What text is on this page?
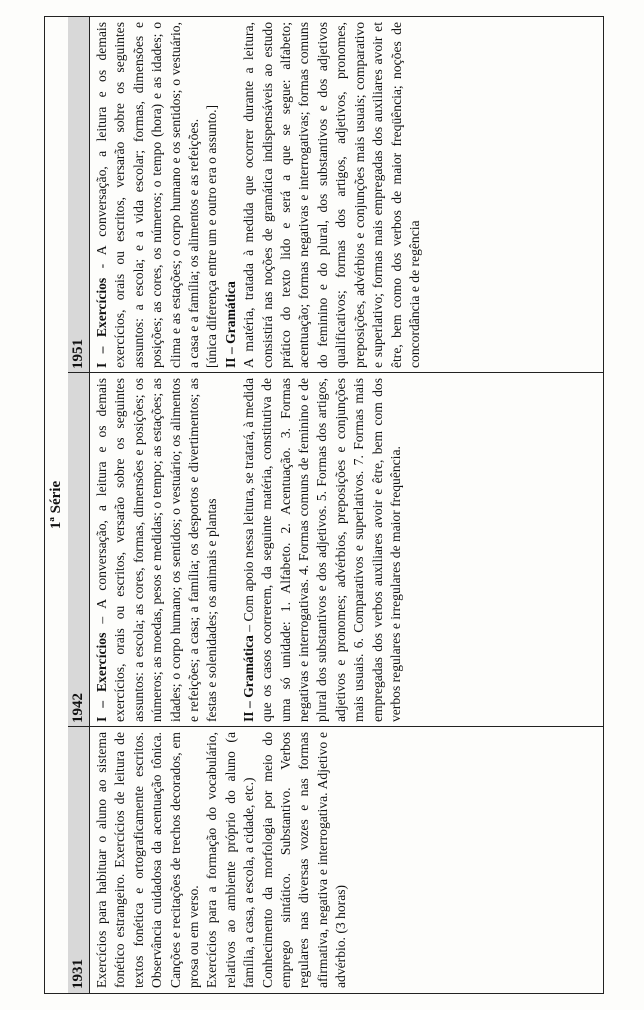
1ª Série
1931
1942
1951

Exercícios para habituar o aluno ao sistema fonético estrangeiro. Exercícios de leitura de textos fonética e ortograficamente escritos. Observância cuidadosa da acentuação tônica. Canções e recitações de trechos decorados, em prosa ou em verso. Exercícios para a formação do vocabulário, relativos ao ambiente próprio do aluno (a família, a casa, a escola, a cidade, etc.) Conhecimento da morfologia por meio do emprego sintático. Substantivo. Verbos regulares nas diversas vozes e nas formas afirmativa, negativa e interrogativa. Adjetivo e advérbio. (3 horas)

I – Exercícios – A conversação, a leitura e os demais exercícios, orais ou escritos, versarão sobre os seguintes assuntos: a escola; as cores, formas, dimensões e posições; os números; as moedas, pesos e medidas; o tempo; as estações; as idades; o corpo humano; os sentidos; o vestuário; os alimentos e refeições; a casa; a família; os desportos e divertimentos; as festas e solenidades; os animais e plantas II – Gramática – Com apoio nessa leitura, se tratará, à medida que os casos ocorrerem, da seguinte matéria, constitutiva de uma só unidade: 1. Alfabeto. 2. Acentuação. 3. Formas negativas e interrogativas. 4. Formas comuns de feminino e de plural dos substantivos e dos adjetivos. 5. Formas dos artigos, adjetivos e pronomes; advérbios, preposições e conjunções mais usuais. 6. Comparativos e superlativos. 7. Formas mais empregadas dos verbos auxiliares avoir e être, bem com dos verbos regulares e irregulares de maior frequência.

I – Exercícios - A conversação, a leitura e os demais exercícios, orais ou escritos, versarão sobre os seguintes assuntos: a escola; e a vida escolar; formas, dimensões e posições; as cores, os números; o tempo (hora) e as idades; o clima e as estações; o corpo humano e os sentidos; o vestuário, a casa e a família; os alimentos e as refeições. [única diferença entre um e outro era o assunto.] II – Gramática A matéria, tratada à medida que ocorrer durante a leitura, consistirá nas noções de gramática indispensáveis ao estudo prático do texto lido e será a que se segue: alfabeto; acentuação; formas negativas e interrogativas; formas comuns do feminino e do plural, dos substantivos e dos adjetivos qualificativos; formas dos artigos, adjetivos, pronomes, preposições, advérbios e conjunções mais usuais; comparativo e superlativo; formas mais empregadas dos auxiliares avoir et être, bem como dos verbos de maior freqüência; noções de concordância e de regência
